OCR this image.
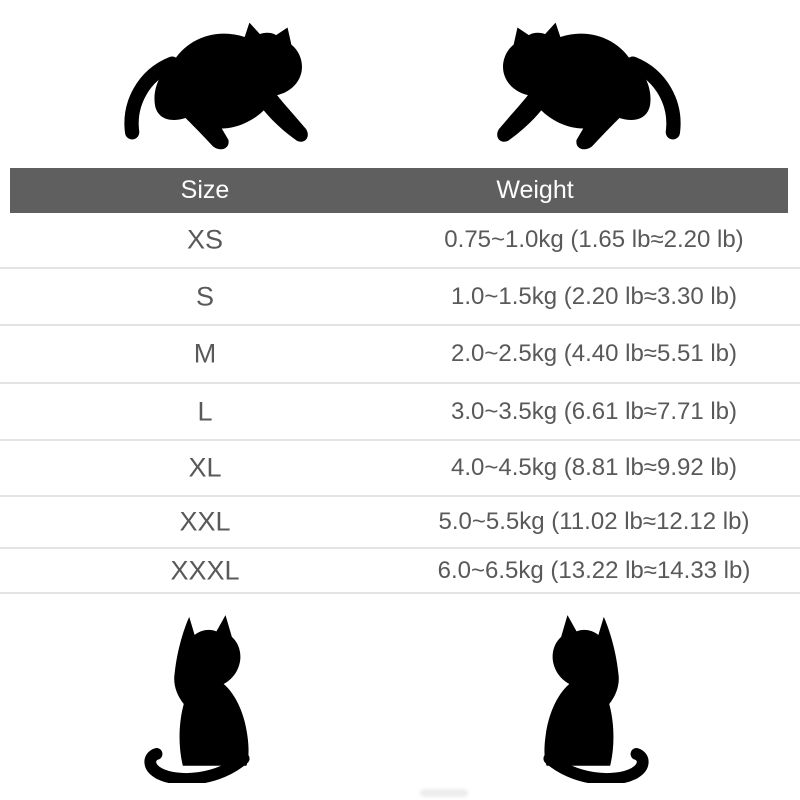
Size	Weight
XS	0.75~1.0kg (1.65 lb≈2.20 lb)
S	1.0~1.5kg (2.20 lb≈3.30 lb)
M	2.0~2.5kg (4.40 lb≈5.51 lb)
L	3.0~3.5kg (6.61 lb≈7.71 lb)
XL	4.0~4.5kg (8.81 lb≈9.92 lb)
XXL	5.0~5.5kg (11.02 lb≈12.12 lb)
XXXL	6.0~6.5kg (13.22 lb≈14.33 lb)
